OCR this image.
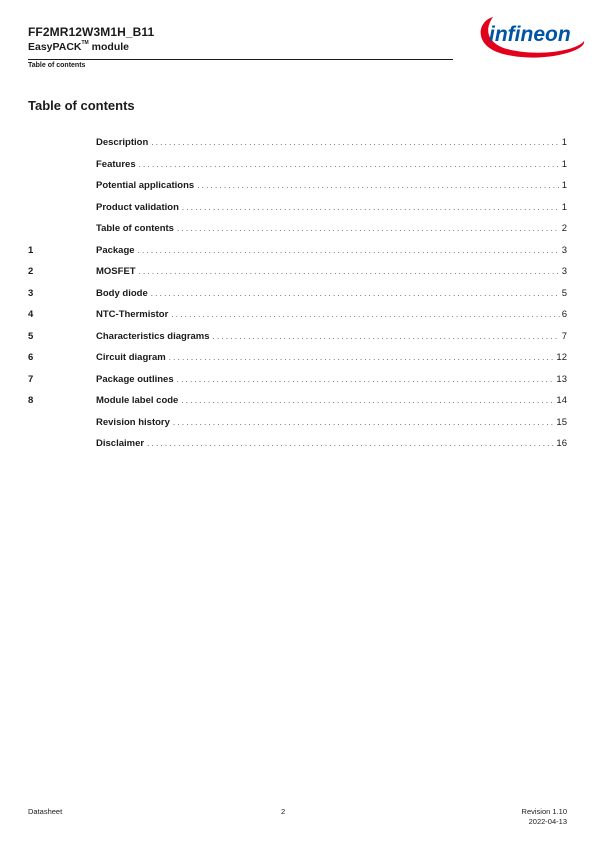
FF2MR12W3M1H_B11
EasyPACK™ module
Table of contents
infineon
Table of contents
Description . . .	1
Features . . .	1
Potential applications . . .	1
Product validation . . .	1
Table of contents . . .	2
1	Package . . .	3
2	MOSFET . . .	3
3	Body diode . . .	5
4	NTC-Thermistor . . .	6
5	Characteristics diagrams . . .	7
6	Circuit diagram . . .	12
7	Package outlines . . .	13
8	Module label code . . .	14
Revision history . . .	15
Disclaimer . . .	16
Datasheet	2	Revision 1.10
2022-04-13
